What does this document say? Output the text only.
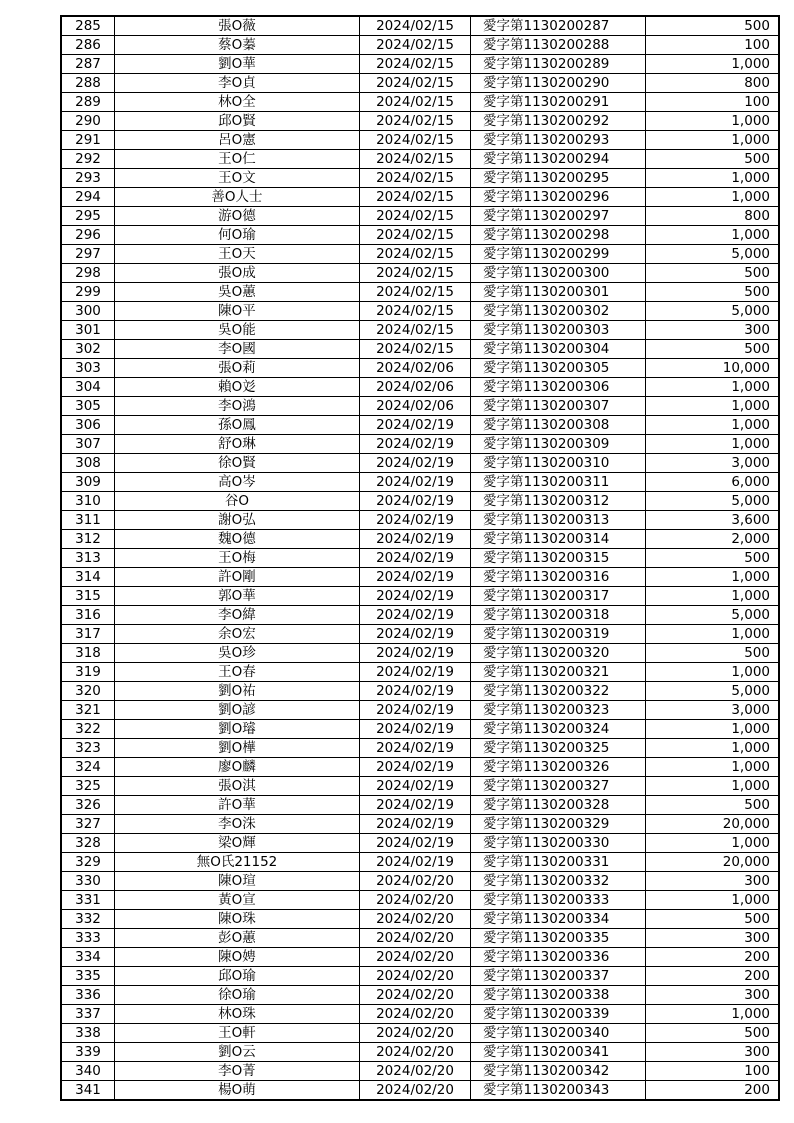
285	張O薇	2024/02/15	愛字第1130200287	500
286	蔡O蓁	2024/02/15	愛字第1130200288	100
287	劉O華	2024/02/15	愛字第1130200289	1,000
288	李O貞	2024/02/15	愛字第1130200290	800
289	林O全	2024/02/15	愛字第1130200291	100
290	邱O賢	2024/02/15	愛字第1130200292	1,000
291	呂O憲	2024/02/15	愛字第1130200293	1,000
292	王O仁	2024/02/15	愛字第1130200294	500
293	王O文	2024/02/15	愛字第1130200295	1,000
294	善O人士	2024/02/15	愛字第1130200296	1,000
295	游O德	2024/02/15	愛字第1130200297	800
296	何O瑜	2024/02/15	愛字第1130200298	1,000
297	王O天	2024/02/15	愛字第1130200299	5,000
298	張O成	2024/02/15	愛字第1130200300	500
299	吳O蕙	2024/02/15	愛字第1130200301	500
300	陳O平	2024/02/15	愛字第1130200302	5,000
301	吳O能	2024/02/15	愛字第1130200303	300
302	李O國	2024/02/15	愛字第1130200304	500
303	張O莉	2024/02/06	愛字第1130200305	10,000
304	賴O彣	2024/02/06	愛字第1130200306	1,000
305	李O鴻	2024/02/06	愛字第1130200307	1,000
306	孫O鳳	2024/02/19	愛字第1130200308	1,000
307	舒O琳	2024/02/19	愛字第1130200309	1,000
308	徐O賢	2024/02/19	愛字第1130200310	3,000
309	高O岑	2024/02/19	愛字第1130200311	6,000
310	谷O	2024/02/19	愛字第1130200312	5,000
311	謝O弘	2024/02/19	愛字第1130200313	3,600
312	魏O德	2024/02/19	愛字第1130200314	2,000
313	王O梅	2024/02/19	愛字第1130200315	500
314	許O剛	2024/02/19	愛字第1130200316	1,000
315	郭O華	2024/02/19	愛字第1130200317	1,000
316	李O緯	2024/02/19	愛字第1130200318	5,000
317	余O宏	2024/02/19	愛字第1130200319	1,000
318	吳O珍	2024/02/19	愛字第1130200320	500
319	王O春	2024/02/19	愛字第1130200321	1,000
320	劉O祐	2024/02/19	愛字第1130200322	5,000
321	劉O諺	2024/02/19	愛字第1130200323	3,000
322	劉O璿	2024/02/19	愛字第1130200324	1,000
323	劉O樺	2024/02/19	愛字第1130200325	1,000
324	廖O麟	2024/02/19	愛字第1130200326	1,000
325	張O淇	2024/02/19	愛字第1130200327	1,000
326	許O華	2024/02/19	愛字第1130200328	500
327	李O洙	2024/02/19	愛字第1130200329	20,000
328	梁O輝	2024/02/19	愛字第1130200330	1,000
329	無O氏21152	2024/02/19	愛字第1130200331	20,000
330	陳O瑄	2024/02/20	愛字第1130200332	300
331	黃O宣	2024/02/20	愛字第1130200333	1,000
332	陳O珠	2024/02/20	愛字第1130200334	500
333	彭O蕙	2024/02/20	愛字第1130200335	300
334	陳O娉	2024/02/20	愛字第1130200336	200
335	邱O瑜	2024/02/20	愛字第1130200337	200
336	徐O瑜	2024/02/20	愛字第1130200338	300
337	林O珠	2024/02/20	愛字第1130200339	1,000
338	王O軒	2024/02/20	愛字第1130200340	500
339	劉O云	2024/02/20	愛字第1130200341	300
340	李O菁	2024/02/20	愛字第1130200342	100
341	楊O萌	2024/02/20	愛字第1130200343	200
